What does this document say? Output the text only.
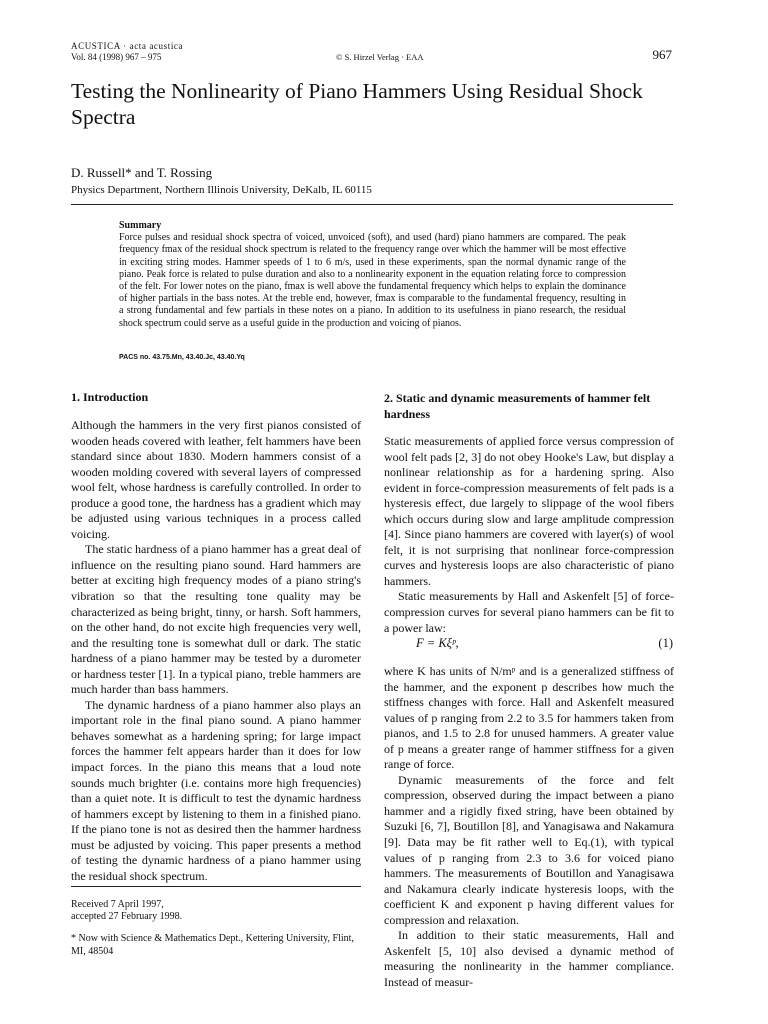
ACUSTICA · acta acustica
Vol. 84 (1998) 967 – 975	© S. Hirzel Verlag · EAA	967
Testing the Nonlinearity of Piano Hammers Using Residual Shock Spectra
D. Russell* and T. Rossing
Physics Department, Northern Illinois University, DeKalb, IL 60115
Summary
Force pulses and residual shock spectra of voiced, unvoiced (soft), and used (hard) piano hammers are compared. The peak frequency fmax of the residual shock spectrum is related to the frequency range over which the hammer will be most effective in exciting string modes. Hammer speeds of 1 to 6 m/s, used in these experiments, span the normal dynamic range of the piano. Peak force is related to pulse duration and also to a nonlinearity exponent in the equation relating force to compression of the felt. For lower notes on the piano, fmax is well above the fundamental frequency which helps to explain the dominance of higher partials in the bass notes. At the treble end, however, fmax is comparable to the fundamental frequency, resulting in a strong fundamental and few partials in these notes on a piano. In addition to its usefulness in piano research, the residual shock spectrum could serve as a useful guide in the production and voicing of pianos.
PACS no. 43.75.Mn, 43.40.Jc, 43.40.Yq
1. Introduction

Although the hammers in the very first pianos consisted of wooden heads covered with leather, felt hammers have been standard since about 1830. Modern hammers consist of a wooden molding covered with several layers of compressed wool felt, whose hardness is carefully controlled. In order to produce a good tone, the hardness has a gradient which may be adjusted using various techniques in a process called voicing.

The static hardness of a piano hammer has a great deal of influence on the resulting piano sound. Hard hammers are better at exciting high frequency modes of a piano string's vibration so that the resulting tone quality may be characterized as being bright, tinny, or harsh. Soft hammers, on the other hand, do not excite high frequencies very well, and the resulting tone is somewhat dull or dark. The static hardness of a piano hammer may be tested by a durometer or hardness tester [1]. In a typical piano, treble hammers are much harder than bass hammers.

The dynamic hardness of a piano hammer also plays an important role in the final piano sound. A piano hammer behaves somewhat as a hardening spring; for large impact forces the hammer felt appears harder than it does for low impact forces. In the piano this means that a loud note sounds much brighter (i.e. contains more high frequencies) than a quiet note. It is difficult to test the dynamic hardness of hammers except by listening to them in a finished piano. If the piano tone is not as desired then the hammer hardness must be adjusted by voicing. This paper presents a method of testing the dynamic hardness of a piano hammer using the residual shock spectrum.

Received 7 April 1997,
accepted 27 February 1998.
* Now with Science & Mathematics Dept., Kettering University, Flint, MI, 48504
2. Static and dynamic measurements of hammer felt hardness

Static measurements of applied force versus compression of wool felt pads [2, 3] do not obey Hooke's Law, but display a nonlinear relationship as for a hardening spring. Also evident in force-compression measurements of felt pads is a hysteresis effect, due largely to slippage of the wool fibers which occurs during slow and large amplitude compression [4]. Since piano hammers are covered with layer(s) of wool felt, it is not surprising that nonlinear force-compression curves and hysteresis loops are also characteristic of piano hammers.

Static measurements by Hall and Askenfelt [5] of force-compression curves for several piano hammers can be fit to a power law:

F = Kξᵖ,	(1)

where K has units of N/mᵖ and is a generalized stiffness of the hammer, and the exponent p describes how much the stiffness changes with force. Hall and Askenfelt measured values of p ranging from 2.2 to 3.5 for hammers taken from pianos, and 1.5 to 2.8 for unused hammers. A greater value of p means a greater range of hammer stiffness for a given range of force.

Dynamic measurements of the force and felt compression, observed during the impact between a piano hammer and a rigidly fixed string, have been obtained by Suzuki [6, 7], Boutillon [8], and Yanagisawa and Nakamura [9]. Data may be fit rather well to Eq.(1), with typical values of p ranging from 2.3 to 3.6 for voiced piano hammers. The measurements of Boutillon and Yanagisawa and Nakamura clearly indicate hysteresis loops, with the coefficient K and exponent p having different values for compression and relaxation.

In addition to their static measurements, Hall and Askenfelt [5, 10] also devised a dynamic method of measuring the nonlinearity in the hammer compliance. Instead of measur-
